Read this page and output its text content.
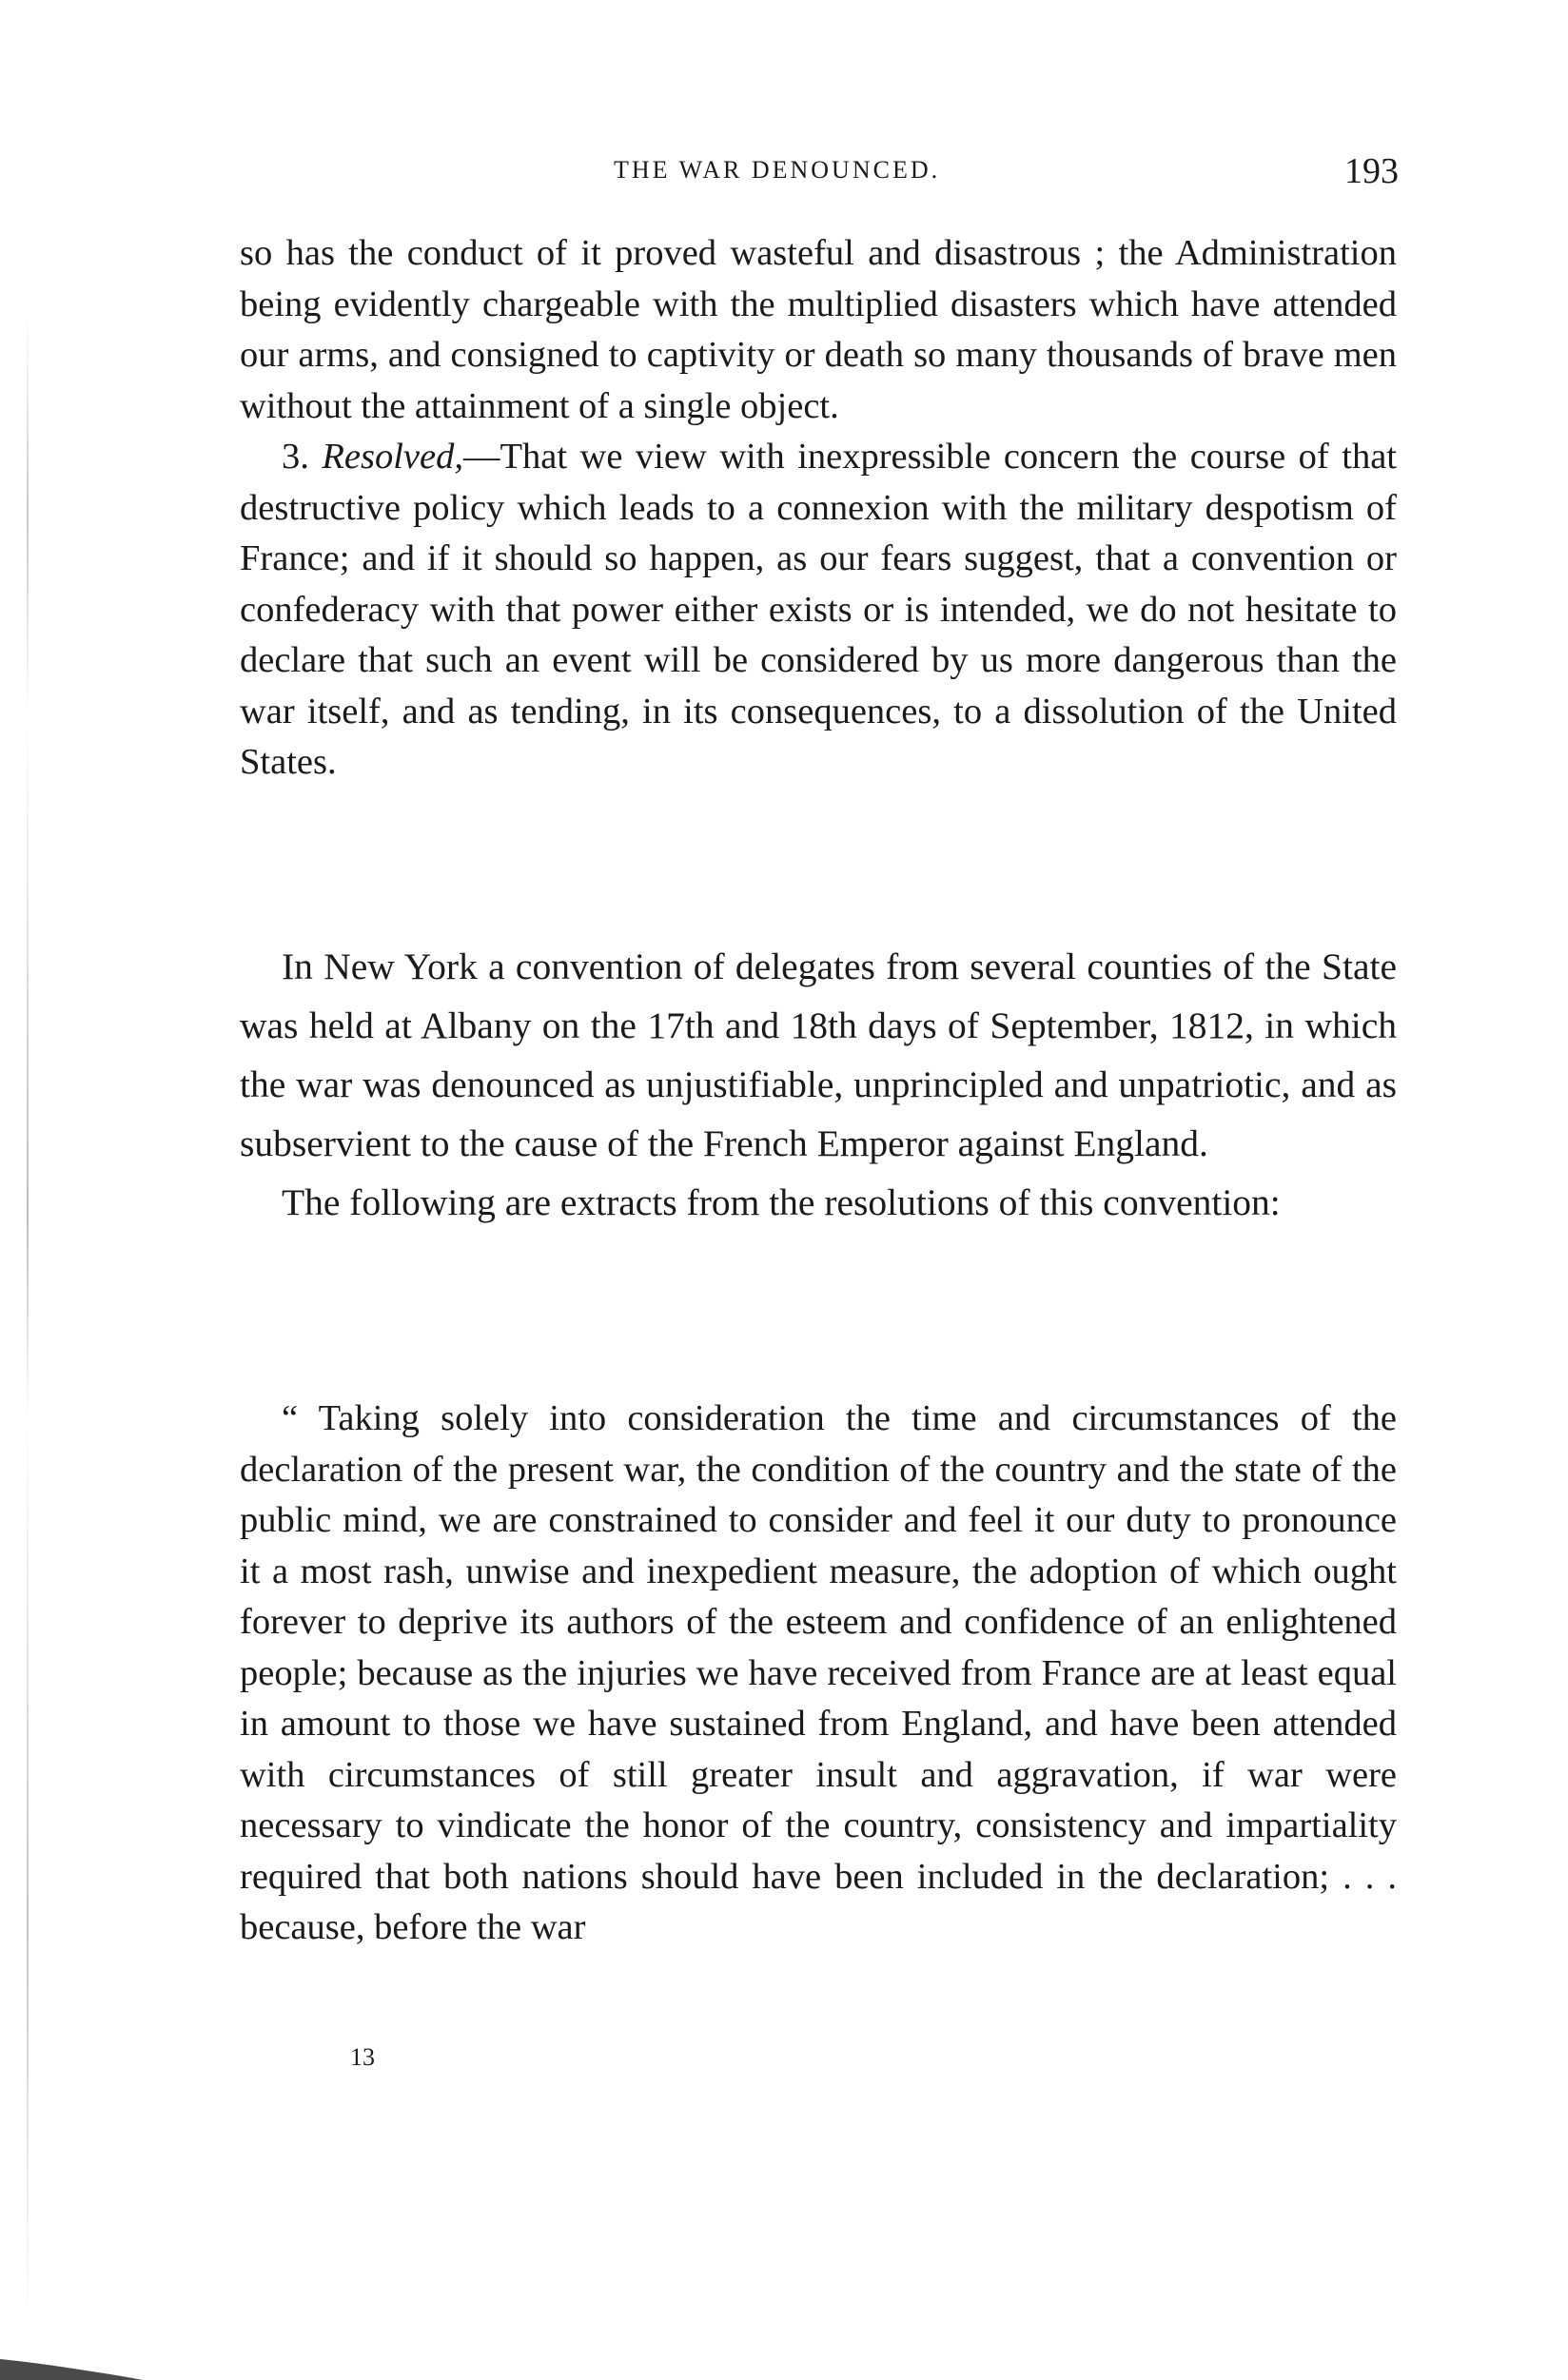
THE WAR DENOUNCED.	193

so has the conduct of it proved wasteful and disastrous ; the Administration being evidently chargeable with the multiplied disasters which have attended our arms, and consigned to captivity or death so many thousands of brave men without the attainment of a single object.

3. Resolved,—That we view with inexpressible concern the course of that destructive policy which leads to a connexion with the military despotism of France; and if it should so happen, as our fears suggest, that a convention or confederacy with that power either exists or is intended, we do not hesitate to declare that such an event will be considered by us more dangerous than the war itself, and as tending, in its consequences, to a dissolution of the United States.

In New York a convention of delegates from several counties of the State was held at Albany on the 17th and 18th days of September, 1812, in which the war was denounced as unjustifiable, unprincipled and unpatriotic, and as subservient to the cause of the French Emperor against England.

The following are extracts from the resolutions of this convention:

“ Taking solely into consideration the time and circumstances of the declaration of the present war, the condition of the country and the state of the public mind, we are constrained to consider and feel it our duty to pronounce it a most rash, unwise and inexpedient measure, the adoption of which ought forever to deprive its authors of the esteem and confidence of an enlightened people; because as the injuries we have received from France are at least equal in amount to those we have sustained from England, and have been attended with circumstances of still greater insult and aggravation, if war were necessary to vindicate the honor of the country, consistency and impartiality required that both nations should have been included in the declaration; . . . because, before the war

13
